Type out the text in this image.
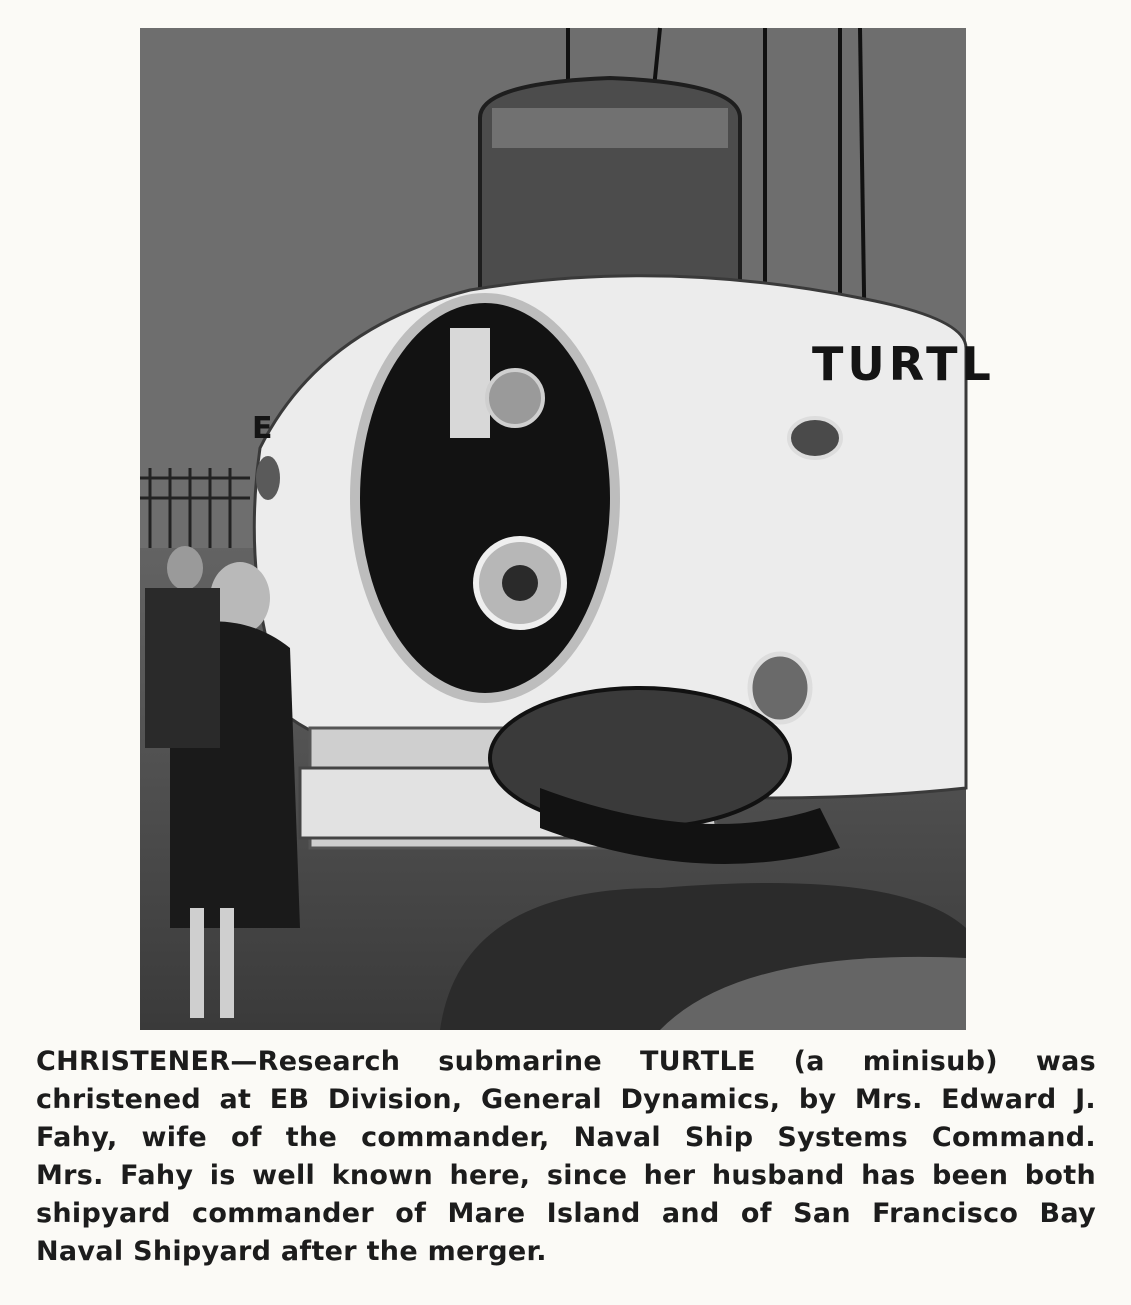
TURTL
E

CHRISTENER—Research submarine TURTLE (a minisub) was
christened at EB Division, General Dynamics, by Mrs. Edward J.
Fahy, wife of the commander, Naval Ship Systems Command.
Mrs. Fahy is well known here, since her husband has been both
shipyard commander of Mare Island and of San Francisco Bay
Naval Shipyard after the merger.
